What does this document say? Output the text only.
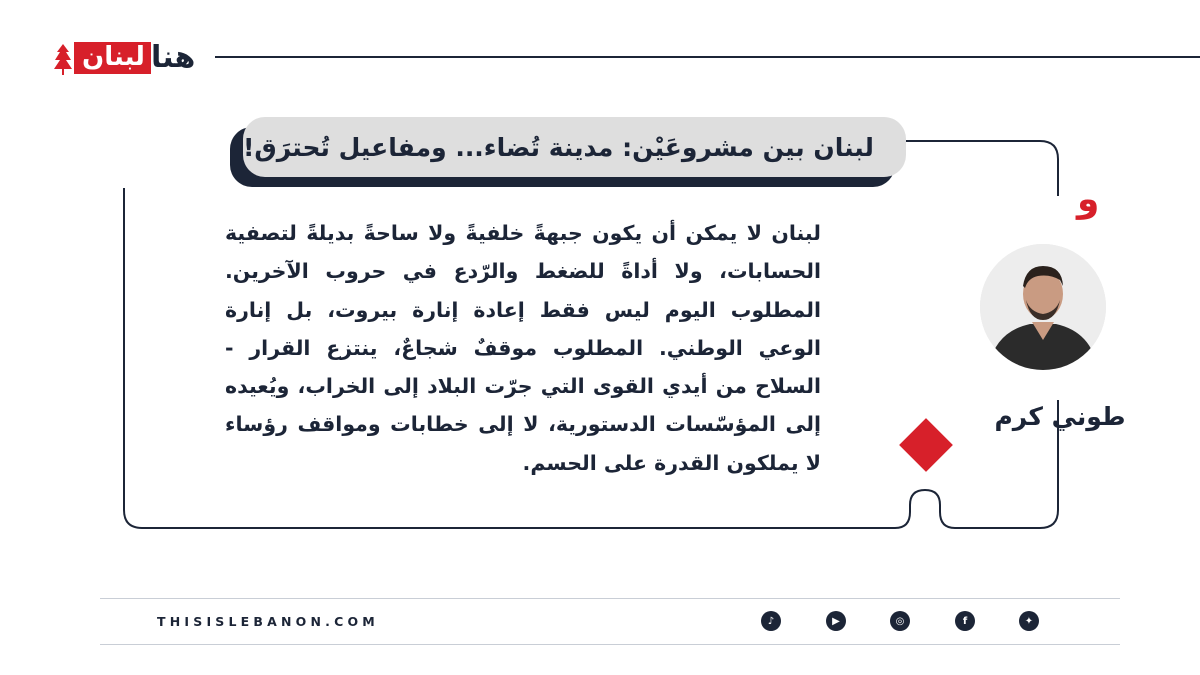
هنا
لبنان
لبنان بين مشروعَيْن: مدينة تُضاء... ومفاعيل تُحترَق!
لبنان لا يمكن أن يكون جبهةً خلفيةً ولا ساحةً بديلةً لتصفية الحسابات، ولا أداةً للضغط والرّدع في حروب الآخرين. المطلوب اليوم ليس فقط إعادة إنارة بيروت، بل إنارة الوعي الوطني. المطلوب موقفٌ شجاعٌ، ينتزع القرار - السلاح من أيدي القوى التي جرّت البلاد إلى الخراب، ويُعيده إلى المؤسّسات الدستورية، لا إلى خطابات ومواقف رؤساء لا يملكون القدرة على الحسم.
و
طوني كرم
THISISLEBANON.COM	♪	▶	◎	f	✦
